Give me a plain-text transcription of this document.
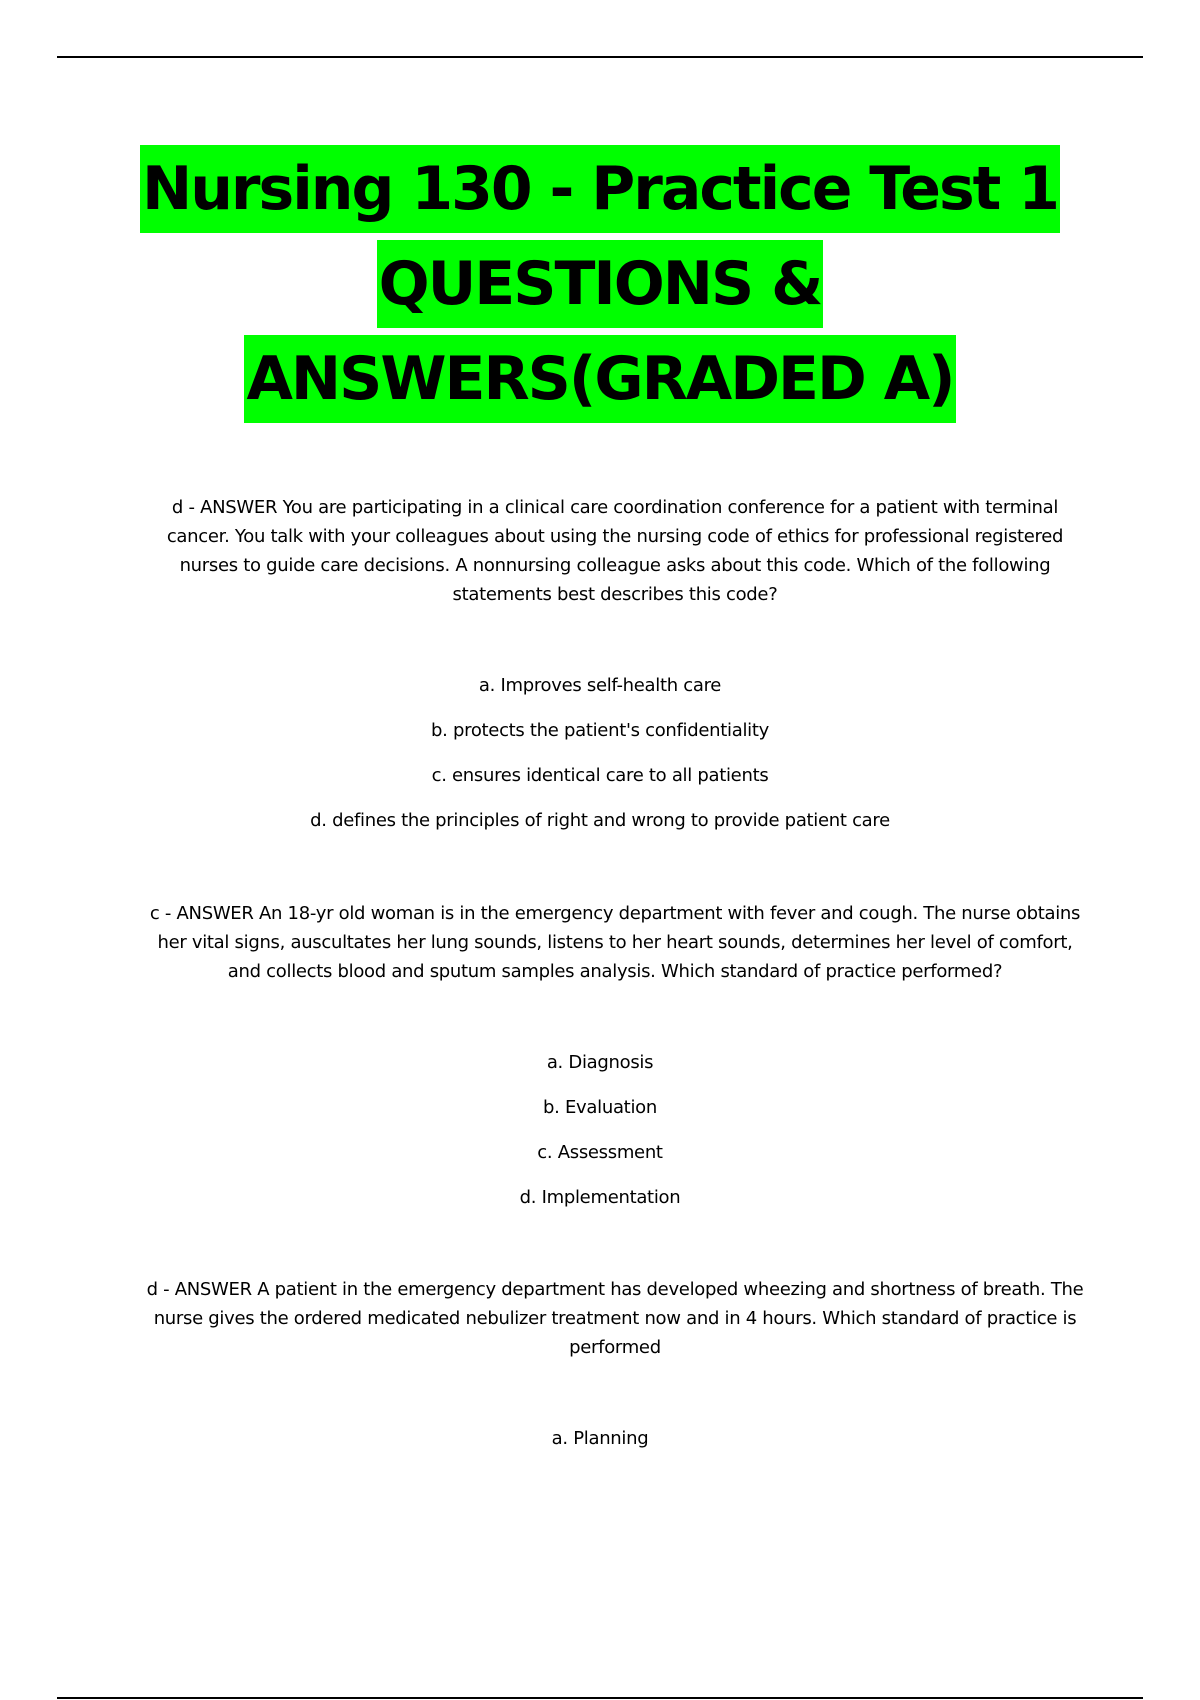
Nursing 130 - Practice Test 1
QUESTIONS &
ANSWERS(GRADED A)
d - ANSWER You are participating in a clinical care coordination conference for a patient with terminal cancer. You talk with your colleagues about using the nursing code of ethics for professional registered nurses to guide care decisions. A nonnursing colleague asks about this code. Which of the following statements best describes this code?
a. Improves self-health care
b. protects the patient's confidentiality
c. ensures identical care to all patients
d. defines the principles of right and wrong to provide patient care
c - ANSWER An 18-yr old woman is in the emergency department with fever and cough. The nurse obtains her vital signs, auscultates her lung sounds, listens to her heart sounds, determines her level of comfort, and collects blood and sputum samples analysis. Which standard of practice performed?
a. Diagnosis
b. Evaluation
c. Assessment
d. Implementation
d - ANSWER A patient in the emergency department has developed wheezing and shortness of breath. The nurse gives the ordered medicated nebulizer treatment now and in 4 hours. Which standard of practice is performed
a. Planning
